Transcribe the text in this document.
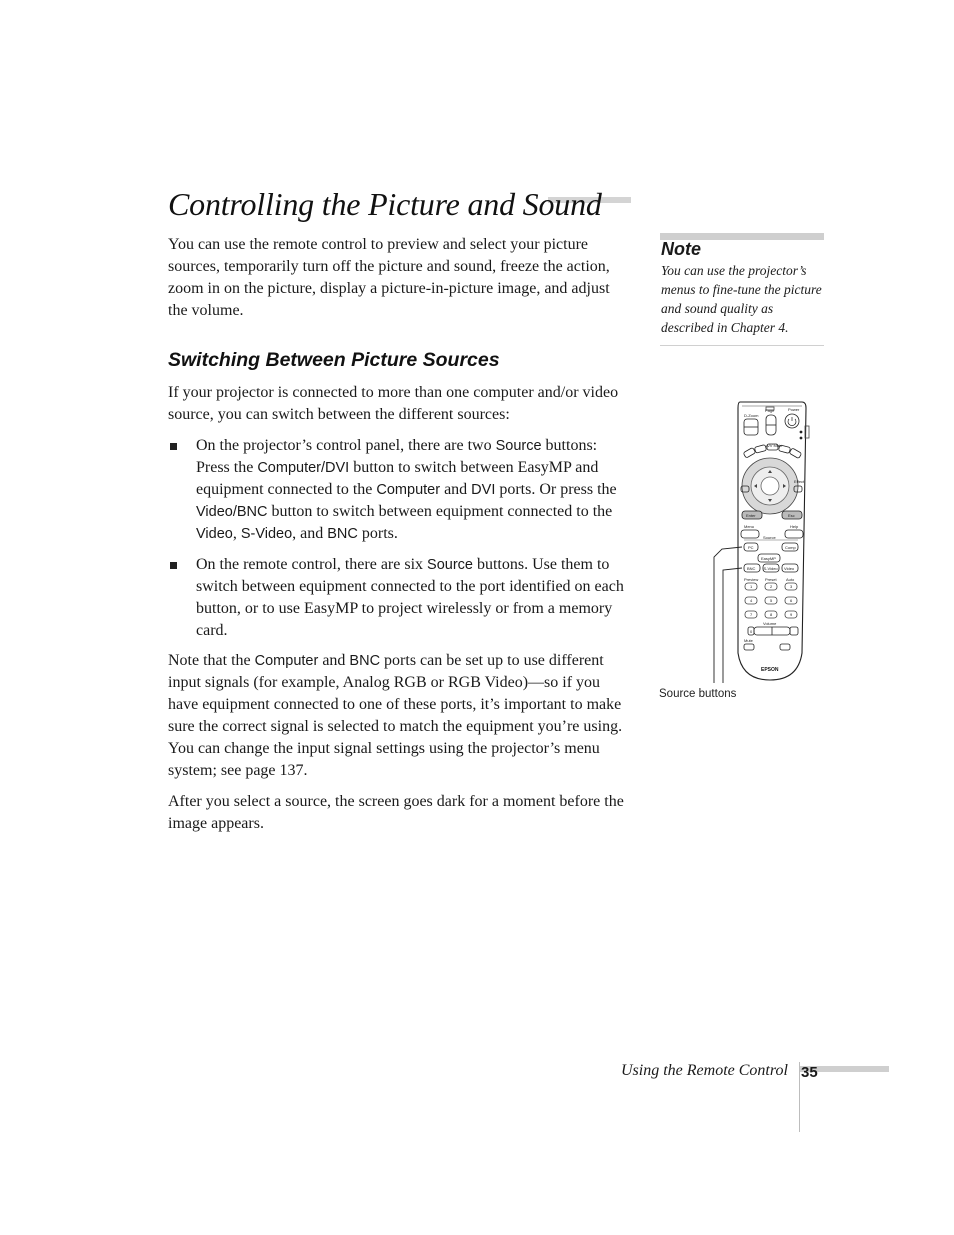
Controlling the Picture and Sound

You can use the remote control to preview and select your picture sources, temporarily turn off the picture and sound, freeze the action, zoom in on the picture, display a picture-in-picture image, and adjust the volume.

Switching Between Picture Sources

If your projector is connected to more than one computer and/or video source, you can switch between the different sources:

On the projector’s control panel, there are two Source buttons: Press the Computer/DVI button to switch between EasyMP and equipment connected to the Computer and DVI ports. Or press the Video/BNC button to switch between equipment connected to the Video, S-Video, and BNC ports.

On the remote control, there are six Source buttons. Use them to switch between equipment connected to the port identified on each button, or to use EasyMP to project wirelessly or from a memory card.

Note that the Computer and BNC ports can be set up to use different input signals (for example, Analog RGB or RGB Video)—so if you have equipment connected to one of these ports, it’s important to make sure the correct signal is selected to match the equipment you’re using. You can change the input signal settings using the projector’s menu system; see page 137.

After you select a source, the screen goes dark for a moment before the image appears.

Note

You can use the projector’s menus to fine-tune the picture and sound quality as described in Chapter 4.

D-Zoom
Page	Power
A/V Mute
Effect
Enter	Esc
Menu	Help
Source
PC	Comp
EasyMP
BNC S-Video Video
Preview Preset Auto
1	2	3
4	5	6
7	8	9
Volume
0
Mute
EPSON

Source buttons

Using the Remote Control 35
